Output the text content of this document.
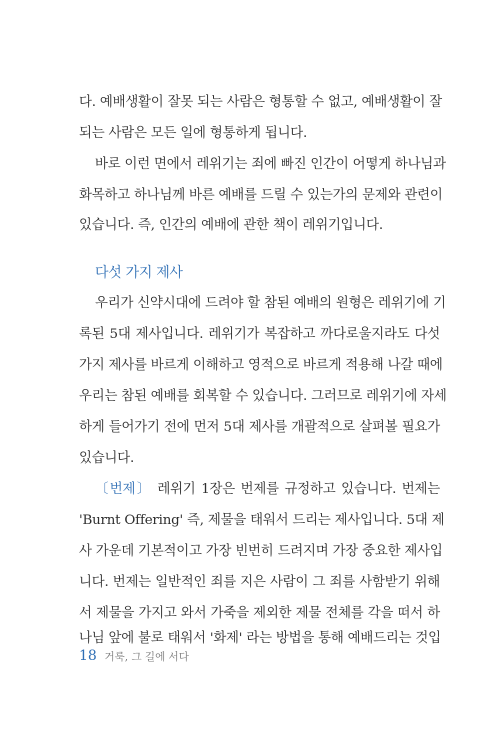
다. 예배생활이 잘못 되는 사람은 형통할 수 없고, 예배생활이 잘
되는 사람은 모든 일에 형통하게 됩니다.
바로 이런 면에서 레위기는 죄에 빠진 인간이 어떻게 하나님과
화목하고 하나님께 바른 예배를 드릴 수 있는가의 문제와 관련이
있습니다. 즉, 인간의 예배에 관한 책이 레위기입니다.
다섯 가지 제사
우리가 신약시대에 드려야 할 참된 예배의 원형은 레위기에 기
록된 5대 제사입니다. 레위기가 복잡하고 까다로울지라도 다섯
가지 제사를 바르게 이해하고 영적으로 바르게 적용해 나갈 때에
우리는 참된 예배를 회복할 수 있습니다. 그러므로 레위기에 자세
하게 들어가기 전에 먼저 5대 제사를 개괄적으로 살펴볼 필요가
있습니다.
〔번제〕 레위기 1장은 번제를 규정하고 있습니다. 번제는
'Burnt Offering' 즉, 제물을 태워서 드리는 제사입니다. 5대 제
사 가운데 기본적이고 가장 빈번히 드려지며 가장 중요한 제사입
니다. 번제는 일반적인 죄를 지은 사람이 그 죄를 사함받기 위해
서 제물을 가지고 와서 가죽을 제외한 제물 전체를 각을 떠서 하
나님 앞에 불로 태워서 '화제' 라는 방법을 통해 예배드리는 것입
18 거룩, 그 길에 서다
